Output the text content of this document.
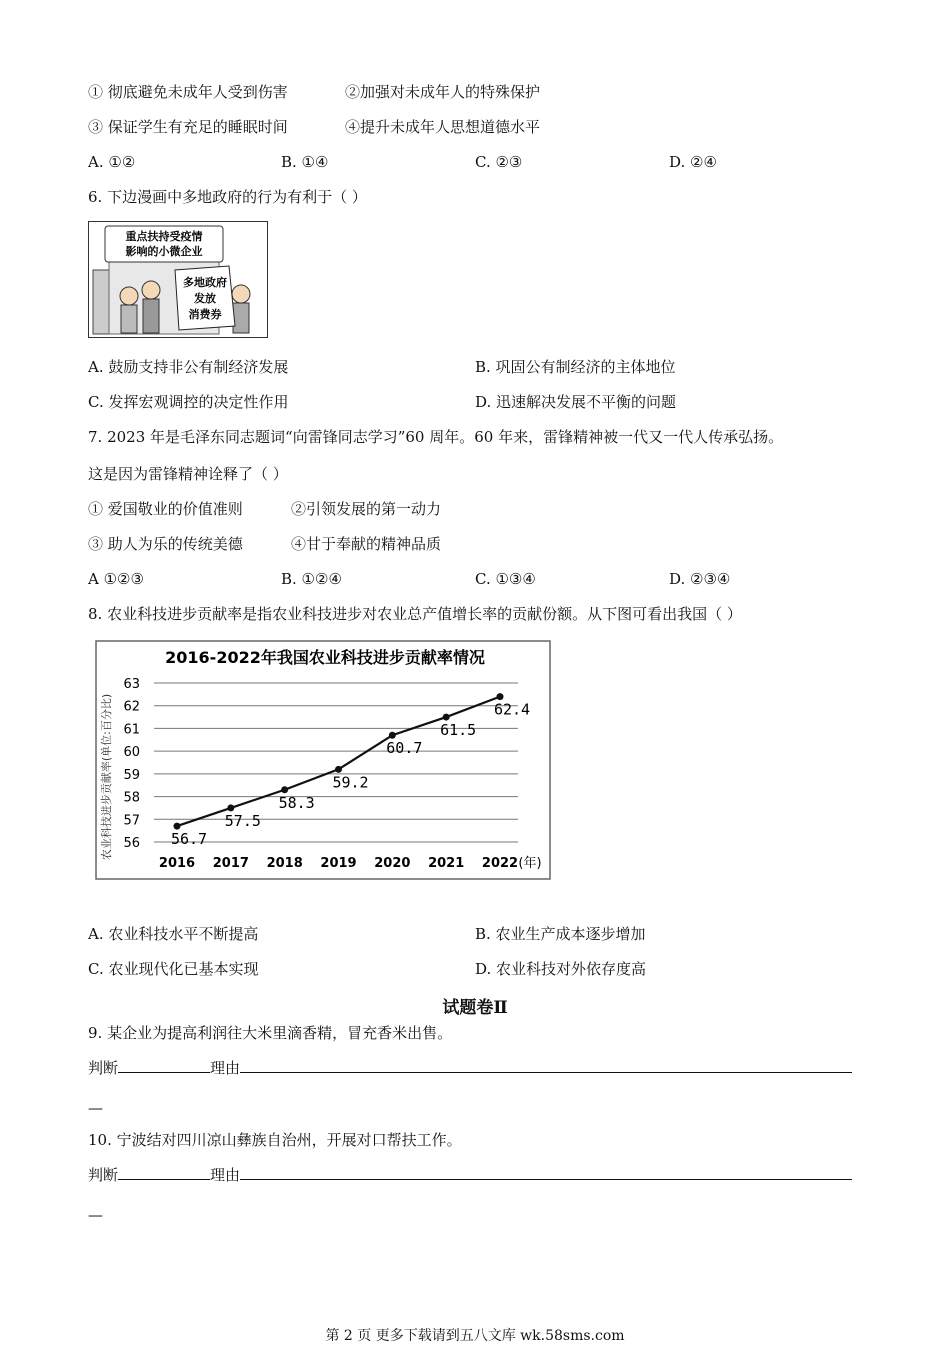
① 彻底避免未成年人受到伤害	②加强对未成年人的特殊保护
③ 保证学生有充足的睡眠时间	④提升未成年人思想道德水平
A. ①②	B. ①④	C. ②③	D. ②④
6. 下边漫画中多地政府的行为有利于（ ）
重点扶持受疫情
影响的小微企业
多地政府
发放
消费券
A. 鼓励支持非公有制经济发展	B. 巩固公有制经济的主体地位
C. 发挥宏观调控的决定性作用	D. 迅速解决发展不平衡的问题
7. 2023 年是毛泽东同志题词“向雷锋同志学习”60 周年。60 年来，雷锋精神被一代又一代人传承弘扬。
这是因为雷锋精神诠释了（ ）
① 爱国敬业的价值准则	②引领发展的第一动力
③ 助人为乐的传统美德	④甘于奉献的精神品质
A ①②③	B. ①②④	C. ①③④	D. ②③④
8. 农业科技进步贡献率是指农业科技进步对农业总产值增长率的贡献份额。从下图可看出我国（ ）
2016-2022年我国农业科技进步贡献率情况
农业科技进步贡献率(单位:百分比) 56
57
58
59
60
61
62
63
2016 2017 2018 2019 2020 2021 2022
56.7
57.5
58.3
59.2
60.7
61.5
62.4
(年)
A. 农业科技水平不断提高	B. 农业生产成本逐步增加
C. 农业现代化已基本实现	D. 农业科技对外依存度高
试题卷Ⅱ
9. 某企业为提高利润往大米里滴香精，冒充香米出售。
判断	理由
—
10. 宁波结对四川凉山彝族自治州，开展对口帮扶工作。
判断	理由
—
第 2 页 更多下载请到五八文库 wk.58sms.com
